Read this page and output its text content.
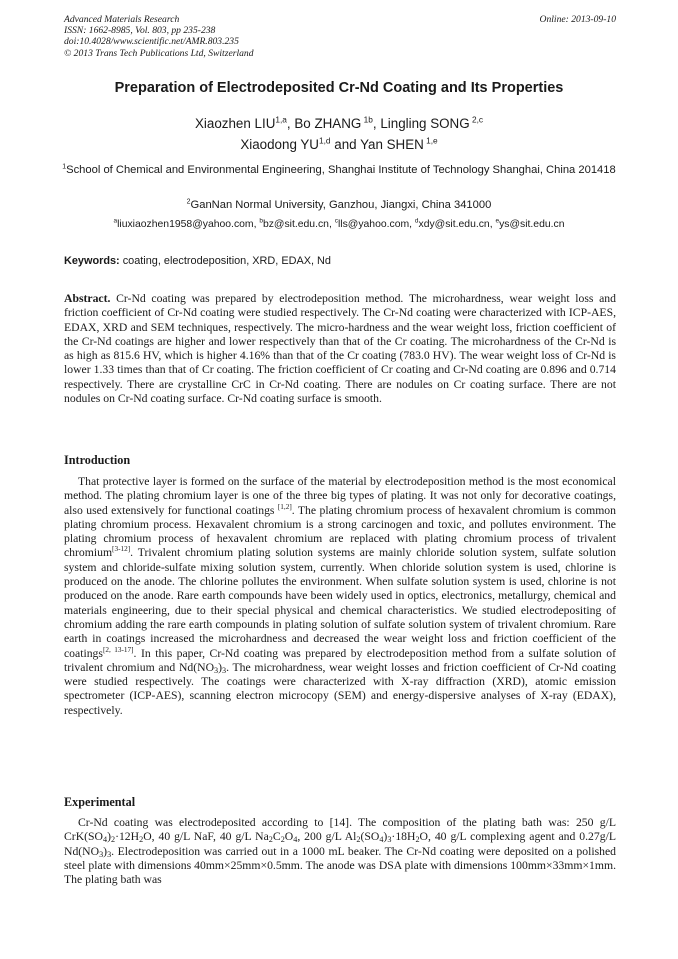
Advanced Materials Research
ISSN: 1662-8985, Vol. 803, pp 235-238
doi:10.4028/www.scientific.net/AMR.803.235
© 2013 Trans Tech Publications Ltd, Switzerland
Online: 2013-09-10
Preparation of Electrodeposited Cr-Nd Coating and Its Properties
Xiaozhen LIU$^{1,a}$, Bo ZHANG $^{1b}$, Lingling SONG $^{2,c}$
Xiaodong YU$^{1,d}$ and Yan SHEN $^{1,e}$
$^1$School of Chemical and Environmental Engineering, Shanghai Institute of Technology Shanghai, China 201418
$^2$GanNan Normal University, Ganzhou, Jiangxi, China 341000
$^a$liuxiaozhen1958@yahoo.com, $^b$bz@sit.edu.cn, $^c$lls@yahoo.com, $^d$xdy@sit.edu.cn, $^e$ys@sit.edu.cn
Keywords: coating, electrodeposition, XRD, EDAX, Nd
Abstract. Cr-Nd coating was prepared by electrodeposition method. The microhardness, wear weight loss and friction coefficient of Cr-Nd coating were studied respectively. The Cr-Nd coating were characterized with ICP-AES, EDAX, XRD and SEM techniques, respectively. The micro-hardness and the wear weight loss, friction coefficient of the Cr-Nd coatings are higher and lower respectively than that of the Cr coating. The microhardness of the Cr-Nd is as high as 815.6 HV, which is higher 4.16% than that of the Cr coating (783.0 HV). The wear weight loss of Cr-Nd is lower 1.33 times than that of Cr coating. The friction coefficient of Cr coating and Cr-Nd coating are 0.896 and 0.714 respectively. There are crystalline CrC in Cr-Nd coating. There are nodules on Cr coating surface. There are not nodules on Cr-Nd coating surface. Cr-Nd coating surface is smooth.
Introduction
That protective layer is formed on the surface of the material by electrodeposition method is the most economical method. The plating chromium layer is one of the three big types of plating. It was not only for decorative coatings, also used extensively for functional coatings [1,2]. The plating chromium process of hexavalent chromium is common plating chromium process. Hexavalent chromium is a strong carcinogen and toxic, and pollutes environment. The plating chromium process of hexavalent chromium are replaced with plating chromium process of trivalent chromium[3-12]. Trivalent chromium plating solution systems are mainly chloride solution system, sulfate solution system and chloride-sulfate mixing solution system, currently. When chloride solution system is used, chlorine is produced on the anode. The chlorine pollutes the environment. When sulfate solution system is used, chlorine is not produced on the anode. Rare earth compounds have been widely used in optics, electronics, metallurgy, chemical and materials engineering, due to their special physical and chemical characteristics. We studied electrodepositing of chromium adding the rare earth compounds in plating solution of sulfate solution system of trivalent chromium. Rare earth in coatings increased the microhardness and decreased the wear weight loss and friction coefficient of the coatings[2, 13-17]. In this paper, Cr-Nd coating was prepared by electrodeposition method from a sulfate solution of trivalent chromium and $Nd(NO_3)_3$. The microhardness, wear weight losses and friction coefficient of Cr-Nd coating were studied respectively. The coatings were characterized with X-ray diffraction (XRD), atomic emission spectrometer (ICP-AES), scanning electron microcopy (SEM) and energy-dispersive analyses of X-ray (EDAX), respectively.
Experimental
Cr-Nd coating was electrodeposited according to [14]. The composition of the plating bath was: 250 g/L $CrK(SO_4)_2\cdot 12H_2O$, 40 g/L NaF, 40 g/L $Na_2C_2O_4$, 200 g/L $Al_2(SO_4)_3\cdot 18H_2O$, 40 g/L complexing agent and 0.27g/L $Nd(NO_3)_3$. Electrodeposition was carried out in a 1000 mL beaker. The Cr-Nd coating were deposited on a polished steel plate with dimensions 40mm×25mm×0.5mm. The anode was DSA plate with dimensions 100mm×33mm×1mm. The plating bath was
